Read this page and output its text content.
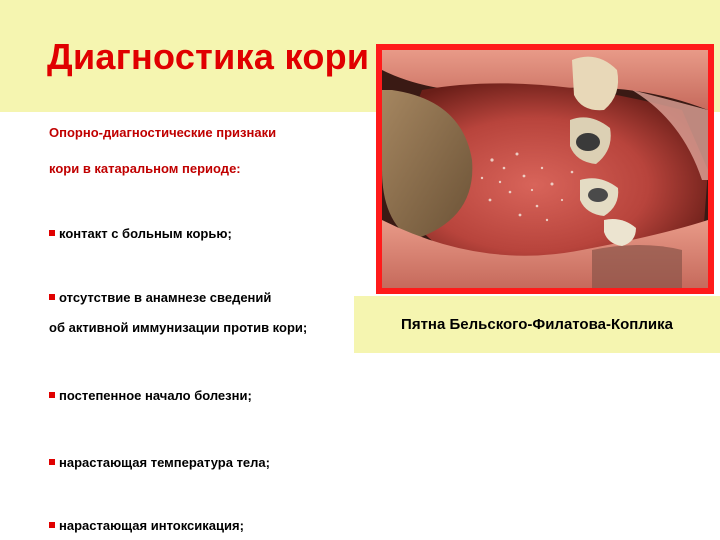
Диагностика кори
Пятна Бельского-Филатова-Коплика
Опорно-диагностические признаки
кори в катаральном периоде:
контакт с больным корью;
отсутствие в анамнезе сведений
об активной иммунизации против кори;
постепенное начало болезни;
нарастающая температура тела;
нарастающая интоксикация;
